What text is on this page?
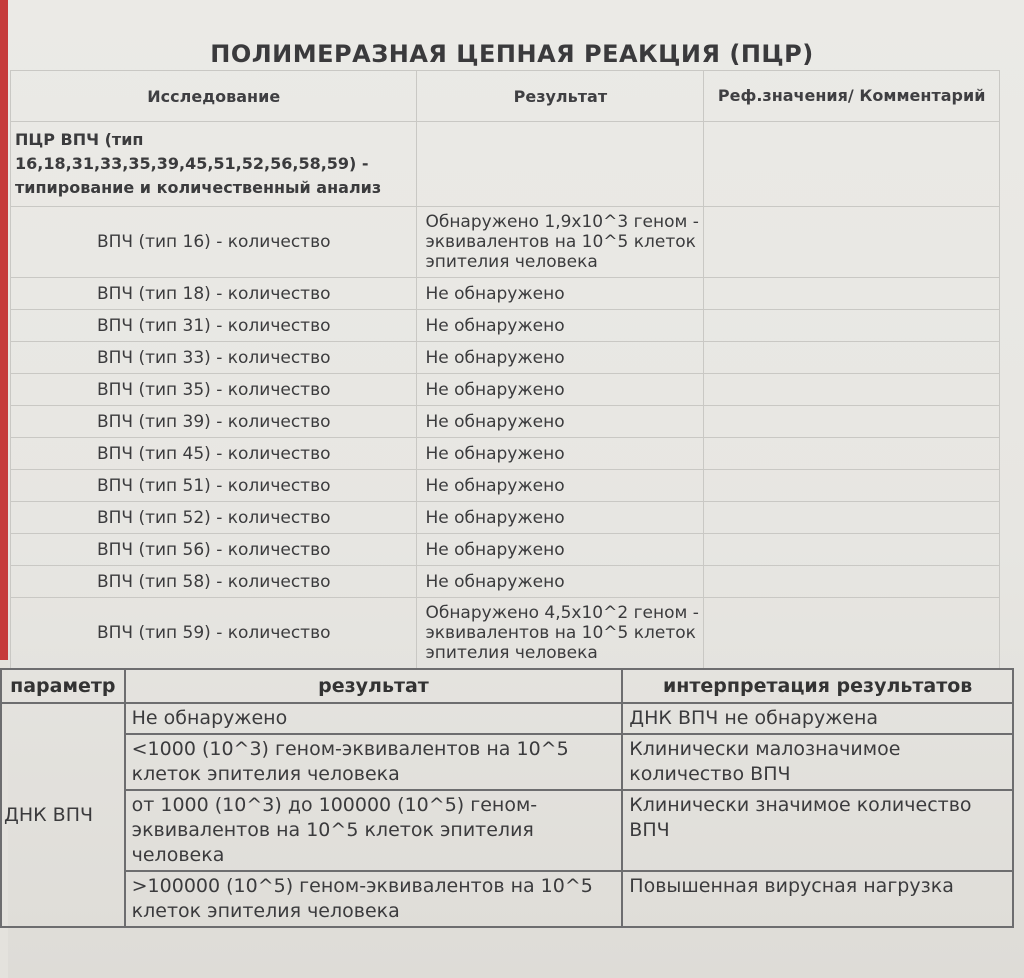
ПОЛИМЕРАЗНАЯ ЦЕПНАЯ РЕАКЦИЯ (ПЦР)
Исследование	Результат	Реф.значения/ Комментарий
ПЦР ВПЧ (тип 16,18,31,33,35,39,45,51,52,56,58,59) - типирование и количественный анализ		
ВПЧ (тип 16) - количество	Обнаружено 1,9x10^3 геном - эквивалентов на 10^5 клеток эпителия человека	
ВПЧ (тип 18) - количество	Не обнаружено	
ВПЧ (тип 31) - количество	Не обнаружено	
ВПЧ (тип 33) - количество	Не обнаружено	
ВПЧ (тип 35) - количество	Не обнаружено	
ВПЧ (тип 39) - количество	Не обнаружено	
ВПЧ (тип 45) - количество	Не обнаружено	
ВПЧ (тип 51) - количество	Не обнаружено	
ВПЧ (тип 52) - количество	Не обнаружено	
ВПЧ (тип 56) - количество	Не обнаружено	
ВПЧ (тип 58) - количество	Не обнаружено	
ВПЧ (тип 59) - количество	Обнаружено 4,5x10^2 геном - эквивалентов на 10^5 клеток эпителия человека	
параметр	результат	интерпретация результатов
ДНК ВПЧ	Не обнаружено	ДНК ВПЧ не обнаружена
	<1000 (10^3) геном-эквивалентов на 10^5 клеток эпителия человека	Клинически малозначимое количество ВПЧ
	от 1000 (10^3) до 100000 (10^5) геном-эквивалентов на 10^5 клеток эпителия человека	Клинически значимое количество ВПЧ
	>100000 (10^5) геном-эквивалентов на 10^5 клеток эпителия человека	Повышенная вирусная нагрузка
